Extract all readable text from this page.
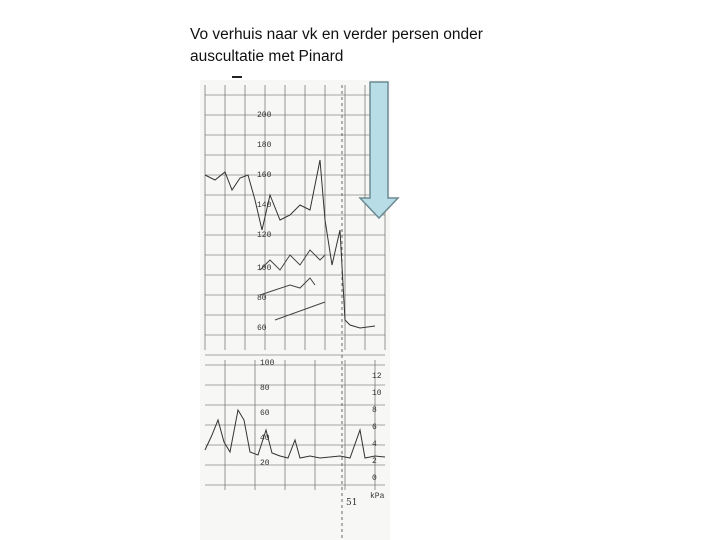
Vo verhuis naar vk en verder persen onder
auscultatie met Pinard
200
180
160
140
120
100
80
60
100
80
60
40
20
12
10
8
6
4
2
0
kPa
51
